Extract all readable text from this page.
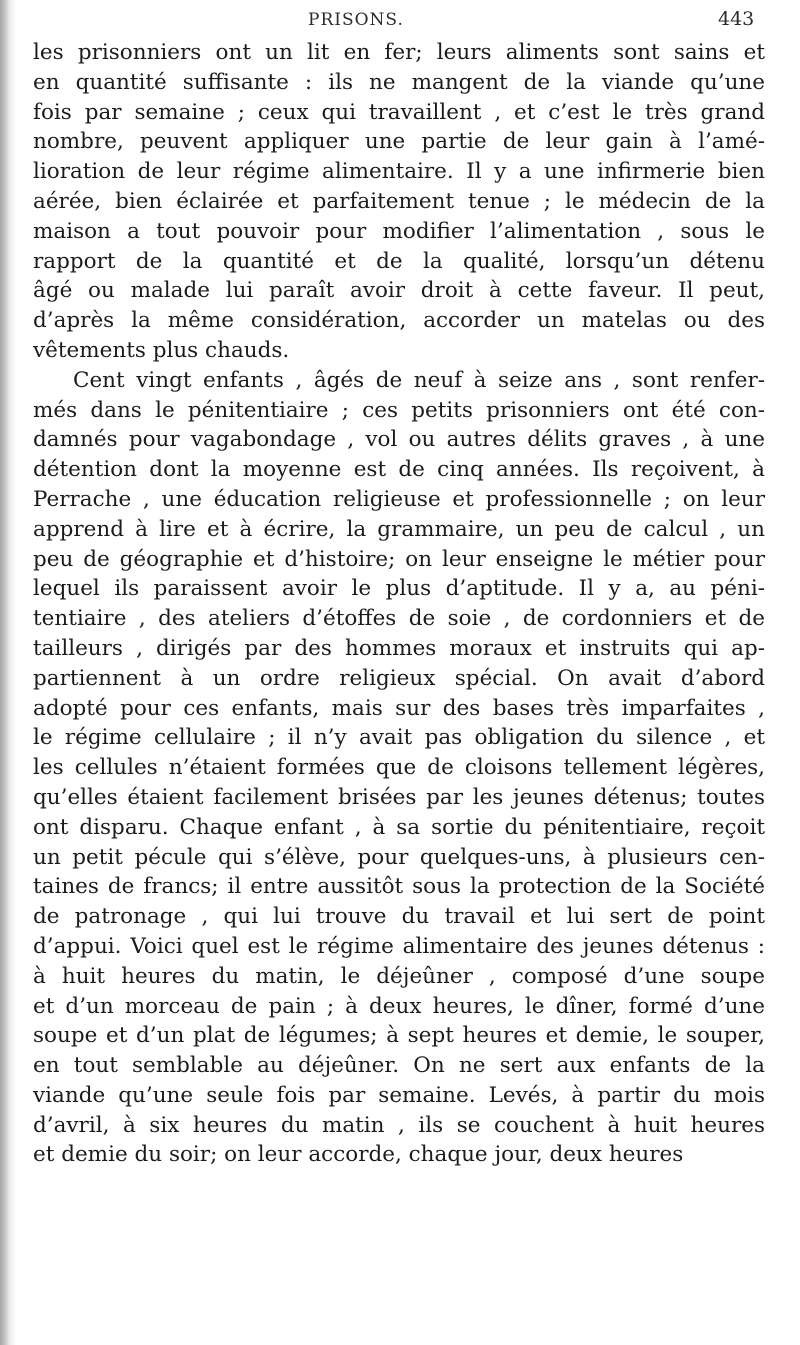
PRISONS.	443
les prisonniers ont un lit en fer; leurs aliments sont sains et
en quantité suffisante : ils ne mangent de la viande qu’une
fois par semaine ; ceux qui travaillent , et c’est le très grand
nombre, peuvent appliquer une partie de leur gain à l’amé-
lioration de leur régime alimentaire. Il y a une infirmerie bien
aérée, bien éclairée et parfaitement tenue ; le médecin de la
maison a tout pouvoir pour modifier l’alimentation , sous le
rapport de la quantité et de la qualité, lorsqu’un détenu
âgé ou malade lui paraît avoir droit à cette faveur. Il peut,
d’après la même considération, accorder un matelas ou des
vêtements plus chauds.
Cent vingt enfants , âgés de neuf à seize ans , sont renfer-
més dans le pénitentiaire ; ces petits prisonniers ont été con-
damnés pour vagabondage , vol ou autres délits graves , à une
détention dont la moyenne est de cinq années. Ils reçoivent, à
Perrache , une éducation religieuse et professionnelle ; on leur
apprend à lire et à écrire, la grammaire, un peu de calcul , un
peu de géographie et d’histoire; on leur enseigne le métier pour
lequel ils paraissent avoir le plus d’aptitude. Il y a, au péni-
tentiaire , des ateliers d’étoffes de soie , de cordonniers et de
tailleurs , dirigés par des hommes moraux et instruits qui ap-
partiennent à un ordre religieux spécial. On avait d’abord
adopté pour ces enfants, mais sur des bases très imparfaites ,
le régime cellulaire ; il n’y avait pas obligation du silence , et
les cellules n’étaient formées que de cloisons tellement légères,
qu’elles étaient facilement brisées par les jeunes détenus; toutes
ont disparu. Chaque enfant , à sa sortie du pénitentiaire, reçoit
un petit pécule qui s’élève, pour quelques-uns, à plusieurs cen-
taines de francs; il entre aussitôt sous la protection de la Société
de patronage , qui lui trouve du travail et lui sert de point
d’appui. Voici quel est le régime alimentaire des jeunes détenus :
à huit heures du matin, le déjeûner , composé d’une soupe
et d’un morceau de pain ; à deux heures, le dîner, formé d’une
soupe et d’un plat de légumes; à sept heures et demie, le souper,
en tout semblable au déjeûner. On ne sert aux enfants de la
viande qu’une seule fois par semaine. Levés, à partir du mois
d’avril, à six heures du matin , ils se couchent à huit heures
et demie du soir; on leur accorde, chaque jour, deux heures
